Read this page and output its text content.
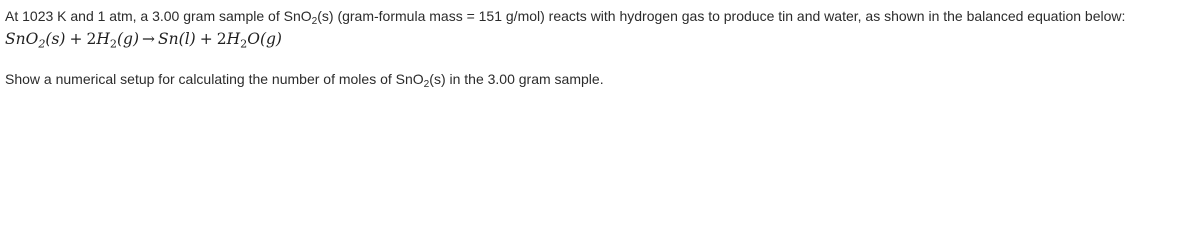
At 1023 K and 1 atm, a 3.00 gram sample of SnO$_2$(s) (gram-formula mass = 151 g/mol) reacts with hydrogen gas to produce tin and water, as shown in the balanced equation below:
$SnO_2(s) + 2H_2(g) \to Sn(l) + 2H_2O(g)$
Show a numerical setup for calculating the number of moles of SnO$_2$(s) in the 3.00 gram sample.
